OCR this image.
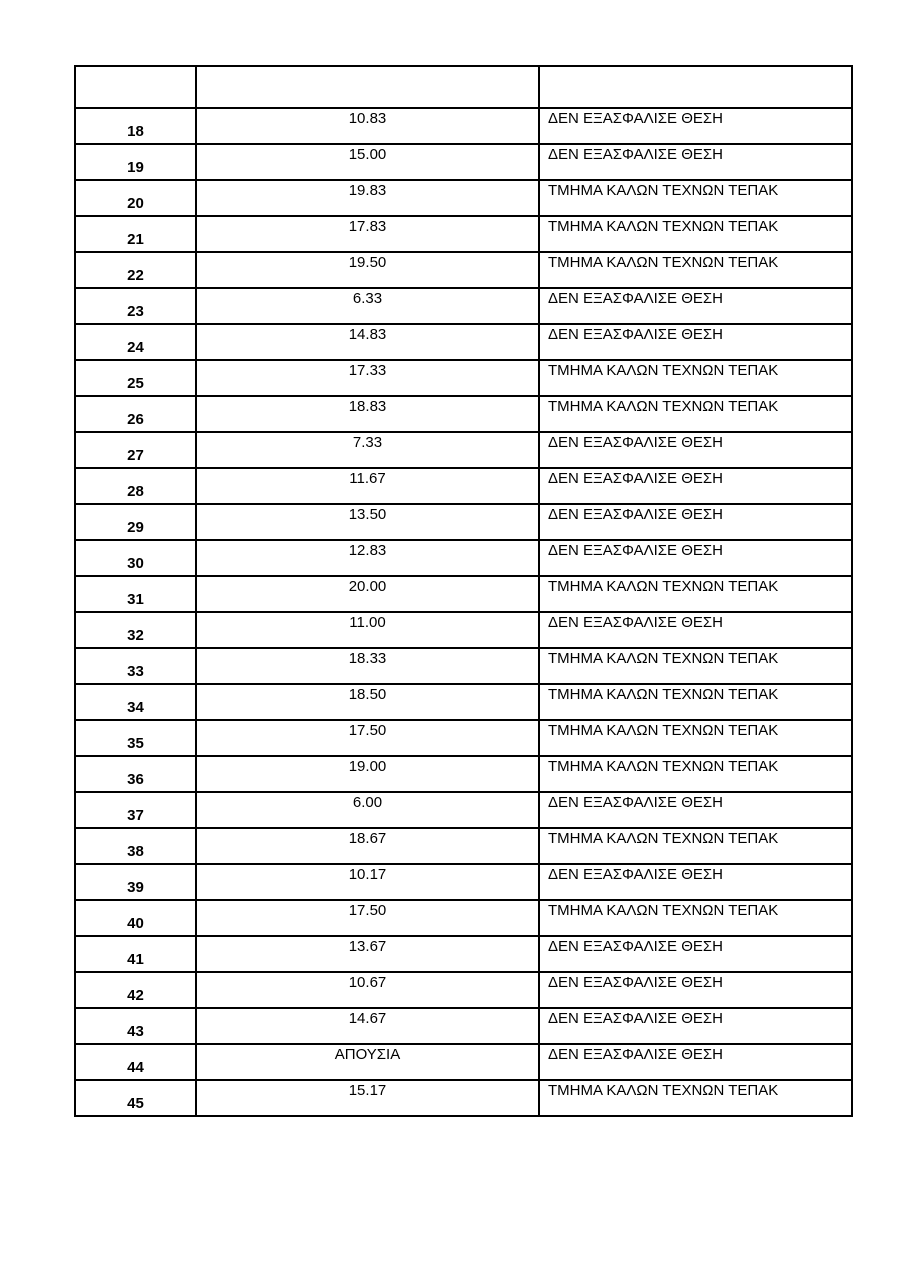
18	10.83	ΔΕΝ ΕΞΑΣΦΑΛΙΣΕ ΘΕΣΗ
19	15.00	ΔΕΝ ΕΞΑΣΦΑΛΙΣΕ ΘΕΣΗ
20	19.83	ΤΜΗΜΑ ΚΑΛΩΝ ΤΕΧΝΩΝ ΤΕΠΑΚ
21	17.83	ΤΜΗΜΑ ΚΑΛΩΝ ΤΕΧΝΩΝ ΤΕΠΑΚ
22	19.50	ΤΜΗΜΑ ΚΑΛΩΝ ΤΕΧΝΩΝ ΤΕΠΑΚ
23	6.33	ΔΕΝ ΕΞΑΣΦΑΛΙΣΕ ΘΕΣΗ
24	14.83	ΔΕΝ ΕΞΑΣΦΑΛΙΣΕ ΘΕΣΗ
25	17.33	ΤΜΗΜΑ ΚΑΛΩΝ ΤΕΧΝΩΝ ΤΕΠΑΚ
26	18.83	ΤΜΗΜΑ ΚΑΛΩΝ ΤΕΧΝΩΝ ΤΕΠΑΚ
27	7.33	ΔΕΝ ΕΞΑΣΦΑΛΙΣΕ ΘΕΣΗ
28	11.67	ΔΕΝ ΕΞΑΣΦΑΛΙΣΕ ΘΕΣΗ
29	13.50	ΔΕΝ ΕΞΑΣΦΑΛΙΣΕ ΘΕΣΗ
30	12.83	ΔΕΝ ΕΞΑΣΦΑΛΙΣΕ ΘΕΣΗ
31	20.00	ΤΜΗΜΑ ΚΑΛΩΝ ΤΕΧΝΩΝ ΤΕΠΑΚ
32	11.00	ΔΕΝ ΕΞΑΣΦΑΛΙΣΕ ΘΕΣΗ
33	18.33	ΤΜΗΜΑ ΚΑΛΩΝ ΤΕΧΝΩΝ ΤΕΠΑΚ
34	18.50	ΤΜΗΜΑ ΚΑΛΩΝ ΤΕΧΝΩΝ ΤΕΠΑΚ
35	17.50	ΤΜΗΜΑ ΚΑΛΩΝ ΤΕΧΝΩΝ ΤΕΠΑΚ
36	19.00	ΤΜΗΜΑ ΚΑΛΩΝ ΤΕΧΝΩΝ ΤΕΠΑΚ
37	6.00	ΔΕΝ ΕΞΑΣΦΑΛΙΣΕ ΘΕΣΗ
38	18.67	ΤΜΗΜΑ ΚΑΛΩΝ ΤΕΧΝΩΝ ΤΕΠΑΚ
39	10.17	ΔΕΝ ΕΞΑΣΦΑΛΙΣΕ ΘΕΣΗ
40	17.50	ΤΜΗΜΑ ΚΑΛΩΝ ΤΕΧΝΩΝ ΤΕΠΑΚ
41	13.67	ΔΕΝ ΕΞΑΣΦΑΛΙΣΕ ΘΕΣΗ
42	10.67	ΔΕΝ ΕΞΑΣΦΑΛΙΣΕ ΘΕΣΗ
43	14.67	ΔΕΝ ΕΞΑΣΦΑΛΙΣΕ ΘΕΣΗ
44	ΑΠΟΥΣΙΑ	ΔΕΝ ΕΞΑΣΦΑΛΙΣΕ ΘΕΣΗ
45	15.17	ΤΜΗΜΑ ΚΑΛΩΝ ΤΕΧΝΩΝ ΤΕΠΑΚ
